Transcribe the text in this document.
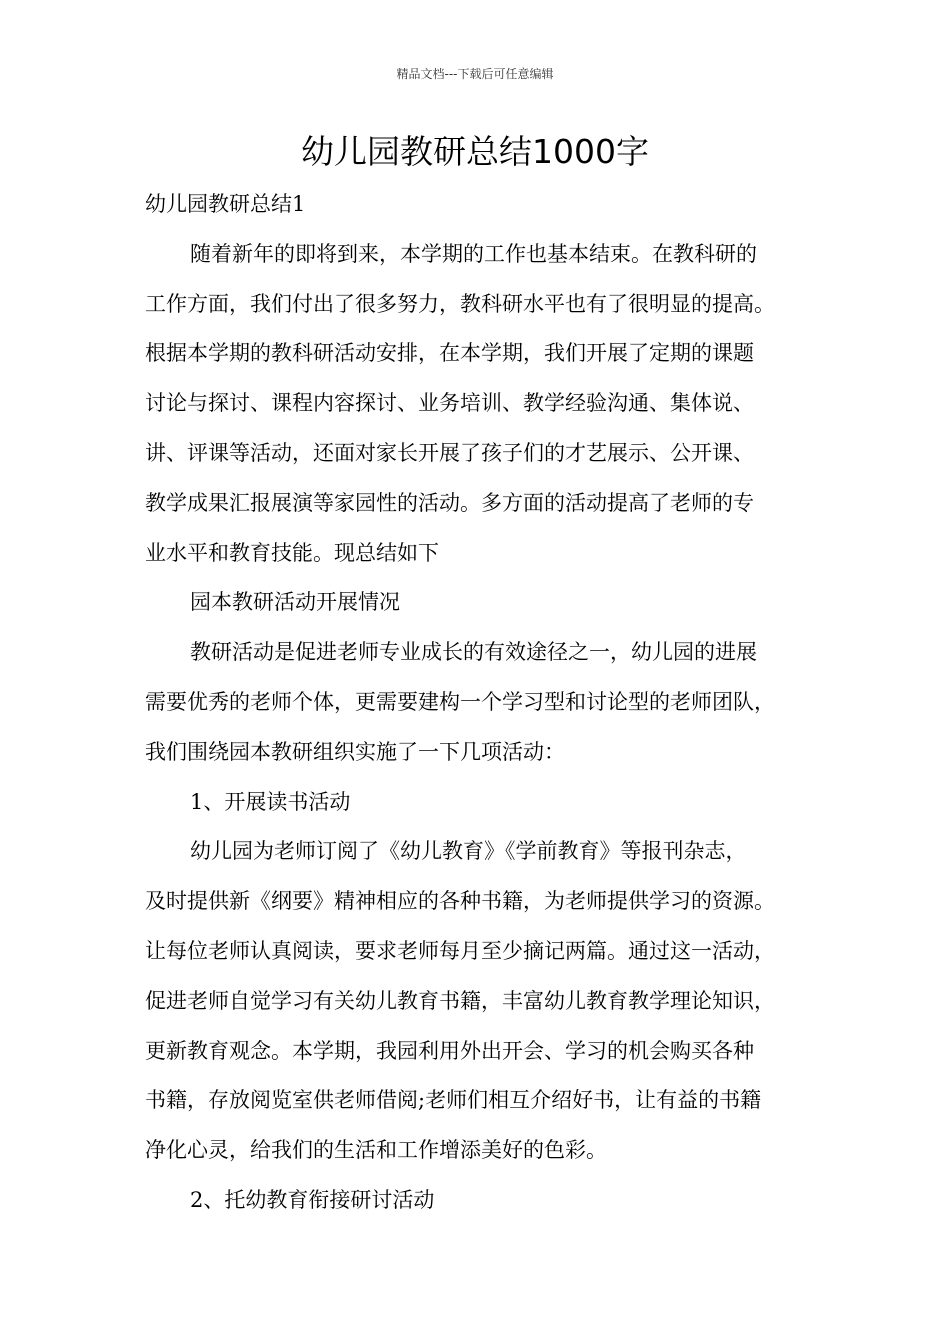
精品文档---下载后可任意编辑
幼儿园教研总结1000字
幼儿园教研总结1
随着新年的即将到来，本学期的工作也基本结束。在教科研的
工作方面，我们付出了很多努力，教科研水平也有了很明显的提高。
根据本学期的教科研活动安排，在本学期，我们开展了定期的课题
讨论与探讨、课程内容探讨、业务培训、教学经验沟通、集体说、
讲、评课等活动，还面对家长开展了孩子们的才艺展示、公开课、
教学成果汇报展演等家园性的活动。多方面的活动提高了老师的专
业水平和教育技能。现总结如下
园本教研活动开展情况
教研活动是促进老师专业成长的有效途径之一，幼儿园的进展
需要优秀的老师个体，更需要建构一个学习型和讨论型的老师团队，
我们围绕园本教研组织实施了一下几项活动：
1、开展读书活动
幼儿园为老师订阅了《幼儿教育》《学前教育》等报刊杂志，
及时提供新《纲要》精神相应的各种书籍，为老师提供学习的资源。
让每位老师认真阅读，要求老师每月至少摘记两篇。通过这一活动，
促进老师自觉学习有关幼儿教育书籍，丰富幼儿教育教学理论知识，
更新教育观念。本学期，我园利用外出开会、学习的机会购买各种
书籍，存放阅览室供老师借阅;老师们相互介绍好书，让有益的书籍
净化心灵，给我们的生活和工作增添美好的色彩。
2、托幼教育衔接研讨活动
